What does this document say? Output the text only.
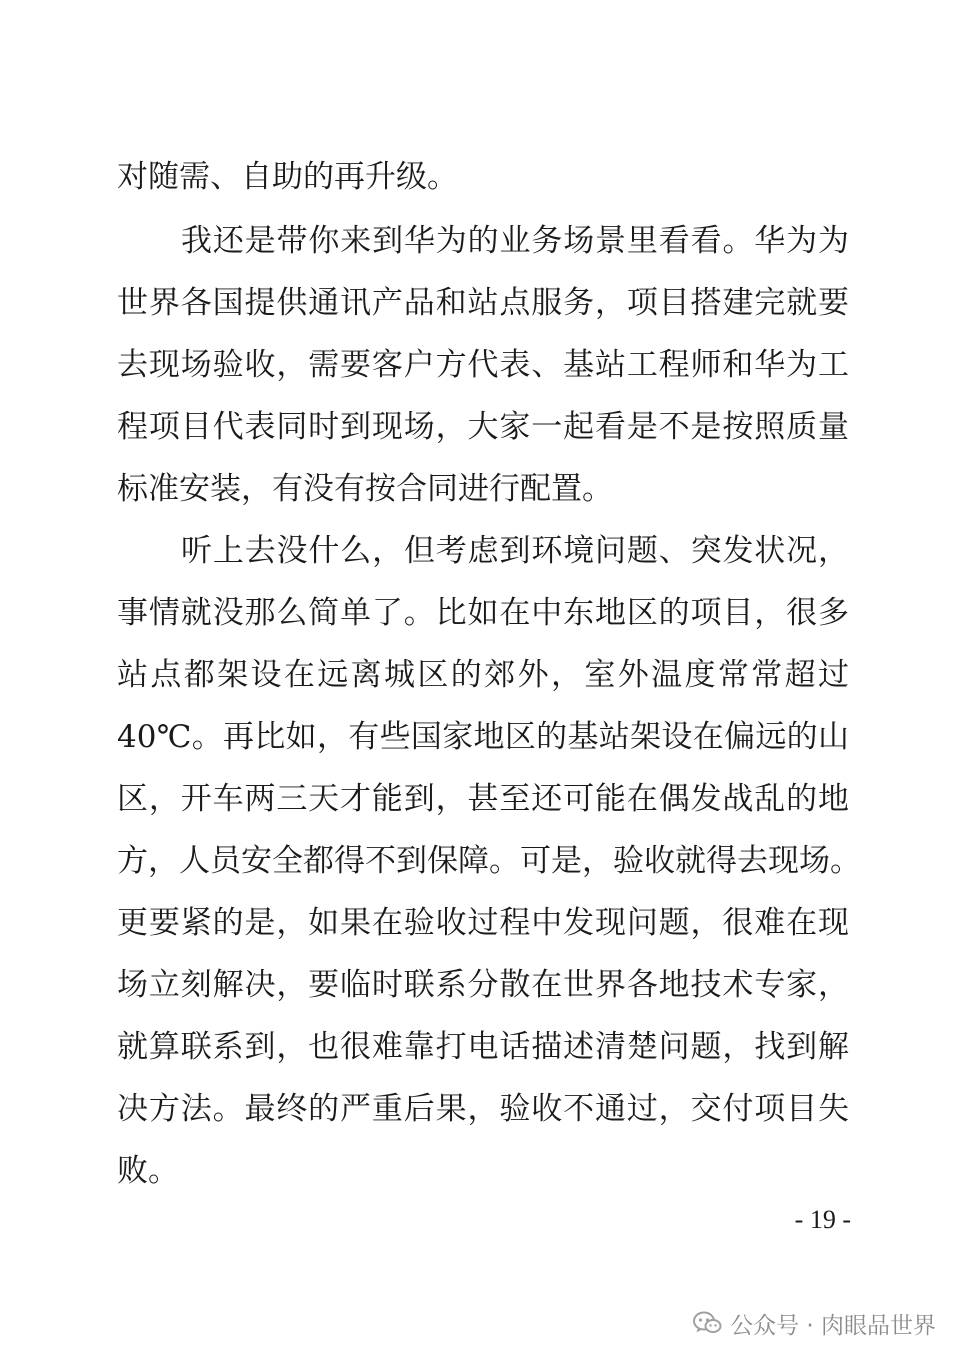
对随需、自助的再升级。
我还是带你来到华为的业务场景里看看。华为为
世界各国提供通讯产品和站点服务，项目搭建完就要
去现场验收，需要客户方代表、基站工程师和华为工
程项目代表同时到现场，大家一起看是不是按照质量
标准安装，有没有按合同进行配置。
听上去没什么，但考虑到环境问题、突发状况，
事情就没那么简单了。比如在中东地区的项目，很多
站点都架设在远离城区的郊外，室外温度常常超过
40℃。再比如，有些国家地区的基站架设在偏远的山
区，开车两三天才能到，甚至还可能在偶发战乱的地
方，人员安全都得不到保障。可是，验收就得去现场。
更要紧的是，如果在验收过程中发现问题，很难在现
场立刻解决，要临时联系分散在世界各地技术专家，
就算联系到，也很难靠打电话描述清楚问题，找到解
决方法。最终的严重后果，验收不通过，交付项目失
败。
- 19 -
公众号 · 肉眼品世界
